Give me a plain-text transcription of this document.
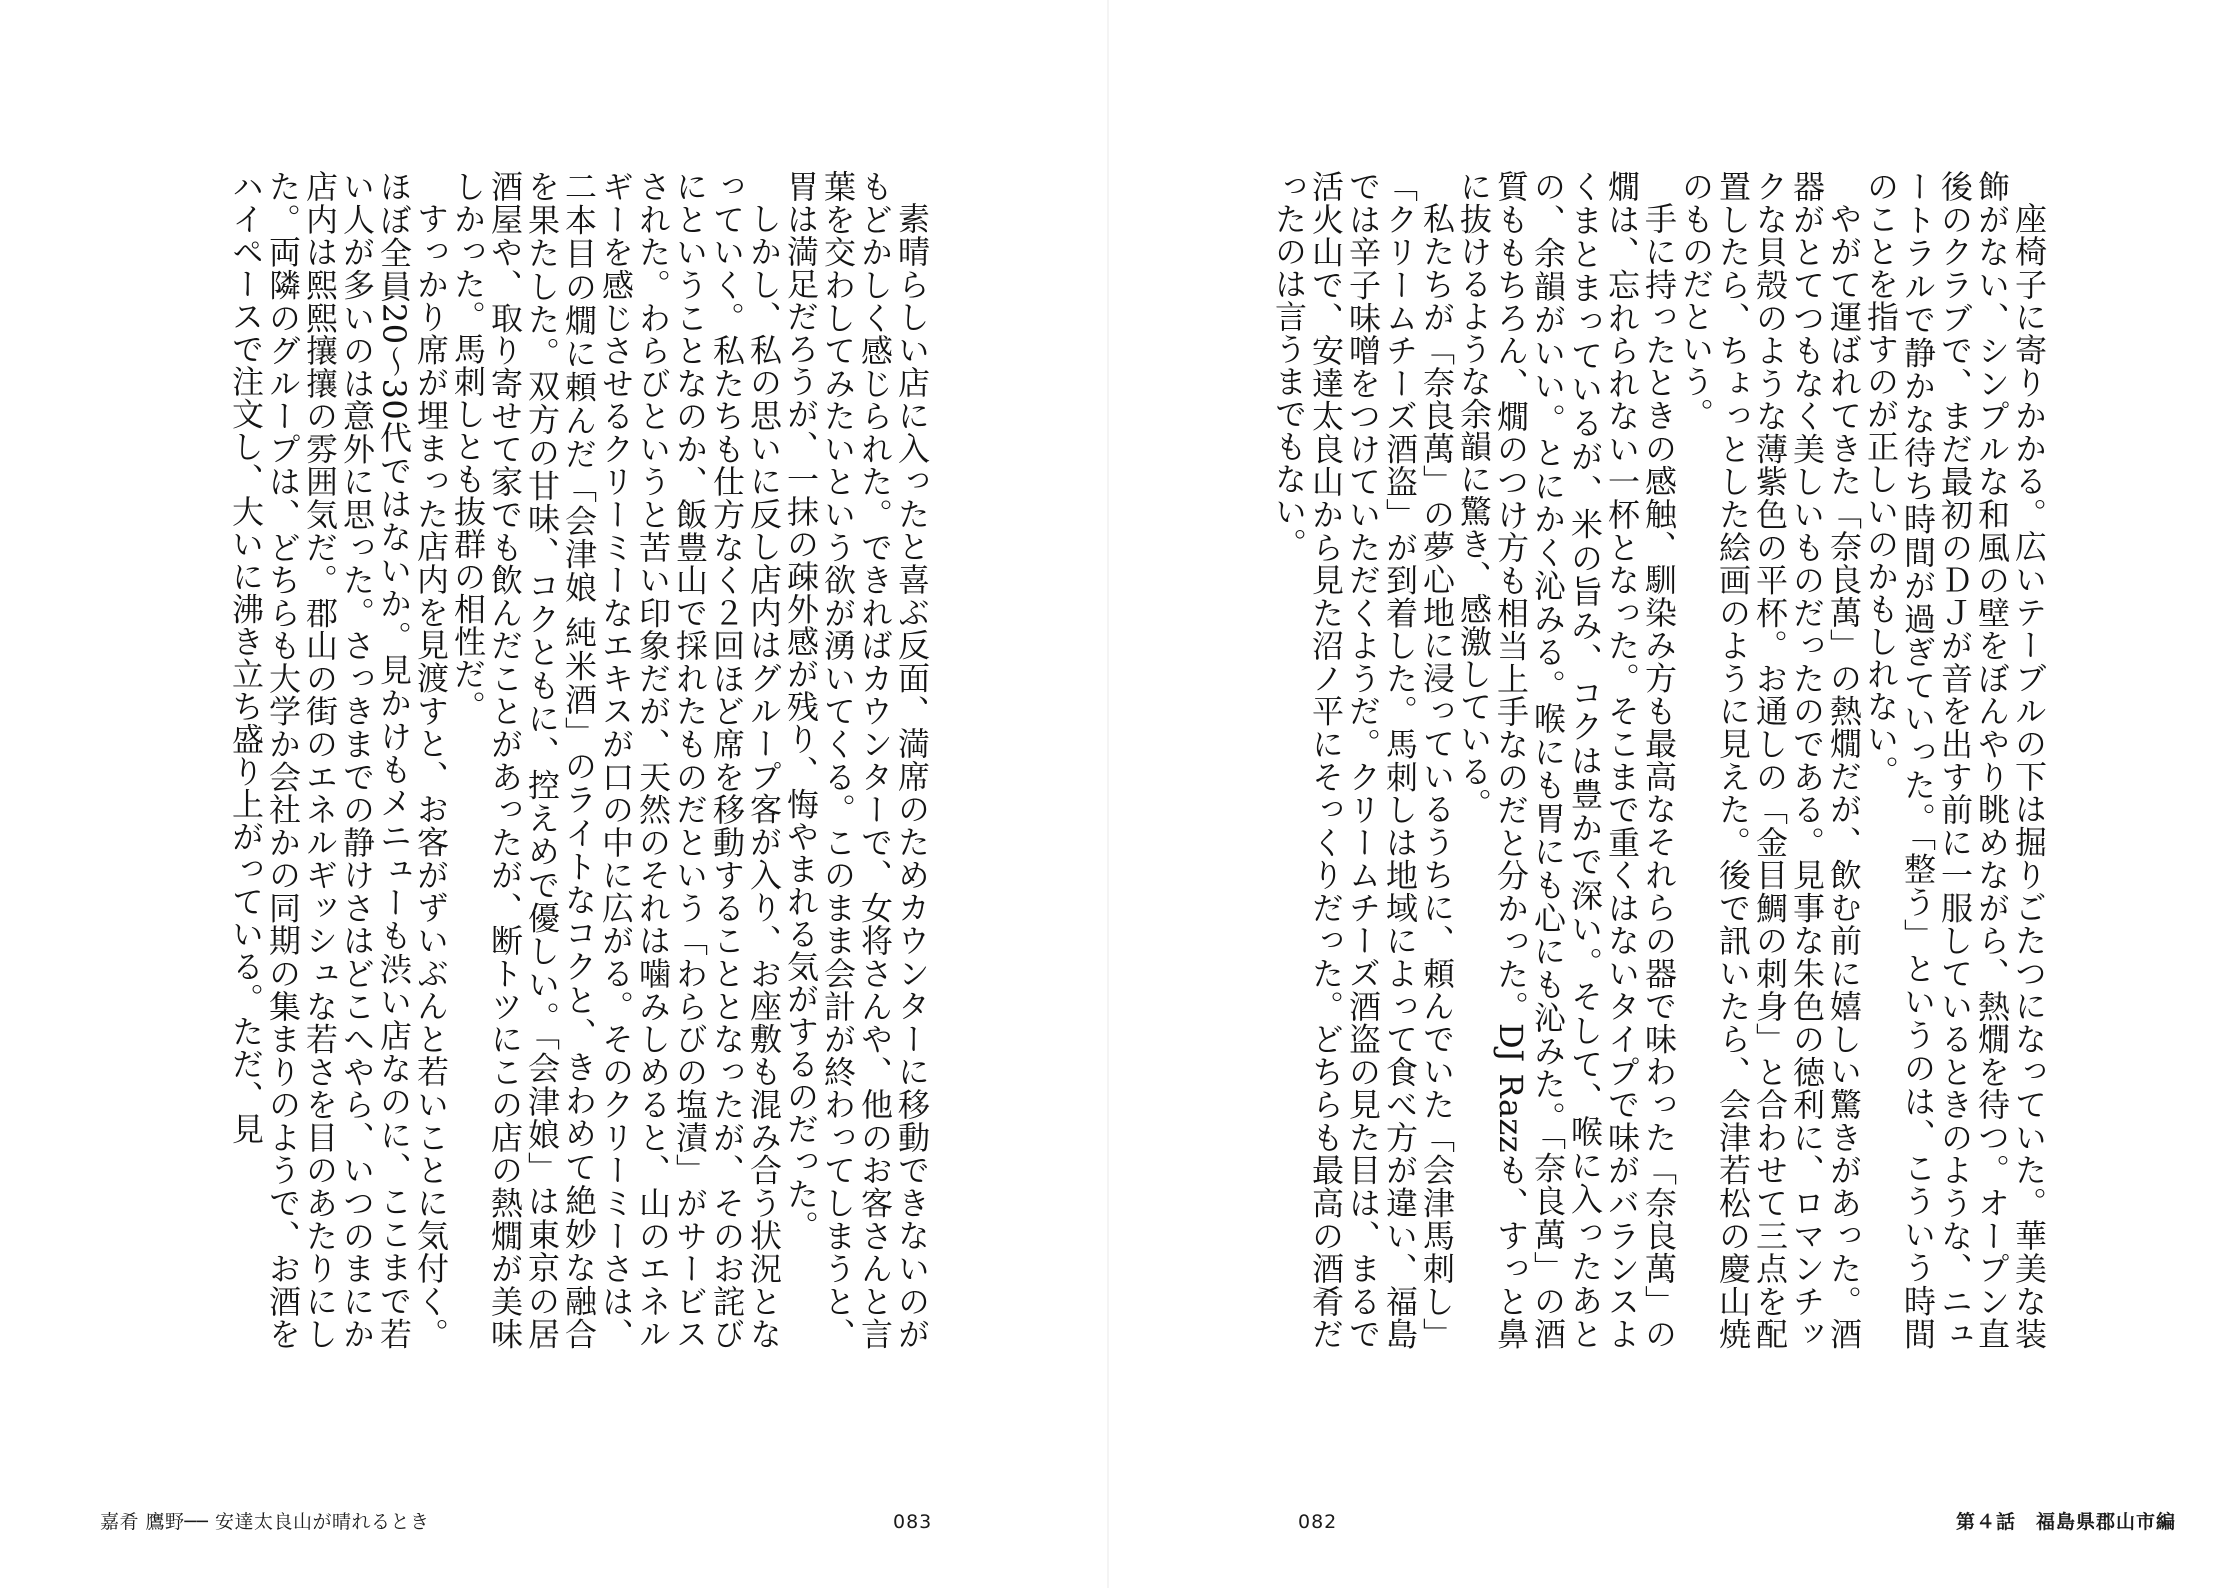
素晴らしい店に入ったと喜ぶ反面、満席のためカウンターに移動できないのがもどかしく感じられた。できればカウンターで、女将さんや、他のお客さんと言葉を交わしてみたいという欲が湧いてくる。このまま会計が終わってしまうと、胃は満足だろうが、一抹の疎外感が残り、悔やまれる気がするのだった。

しかし、私の思いに反し店内はグループ客が入り、お座敷も混み合う状況となっていく。私たちも仕方なく２回ほど席を移動することとなったが、そのお詫びにということなのか、飯豊山で採れたものだという「わらびの塩漬」がサービスされた。わらびというと苦い印象だが、天然のそれは噛みしめると、山のエネルギーを感じさせるクリーミーなエキスが口の中に広がる。そのクリーミーさは、二本目の燗に頼んだ「会津娘 純米酒」のライトなコクと、きわめて絶妙な融合を果たした。双方の甘味、コクともに、控えめで優しい。「会津娘」は東京の居酒屋や、取り寄せて家でも飲んだことがあったが、断トツにこの店の熱燗が美味しかった。馬刺しとも抜群の相性だ。

すっかり席が埋まった店内を見渡すと、お客がずいぶんと若いことに気付く。ほぼ全員20～30代ではないか。見かけもメニューも渋い店なのに、ここまで若い人が多いのは意外に思った。さっきまでの静けさはどこへやら、いつのまにか店内は熙熙攘攘の雰囲気だ。郡山の街のエネルギッシュな若さを目のあたりにした。両隣のグループは、どちらも大学か会社かの同期の集まりのようで、お酒をハイペースで注文し、大いに沸き立ち盛り上がっている。ただ、見

嘉肴 鷹野── 安達太良山が晴れるとき	083

座椅子に寄りかかる。広いテーブルの下は掘りごたつになっていた。華美な装飾がない、シンプルな和風の壁をぼんやり眺めながら、熱燗を待つ。オープン直後のクラブで、まだ最初のＤＪが音を出す前に一服しているときのような、ニュートラルで静かな待ち時間が過ぎていった。「整う」というのは、こういう時間のことを指すのが正しいのかもしれない。

やがて運ばれてきた「奈良萬」の熱燗だが、飲む前に嬉しい驚きがあった。酒器がとてつもなく美しいものだったのである。見事な朱色の徳利に、ロマンチックな貝殻のような薄紫色の平杯。お通しの「金目鯛の刺身」と合わせて三点を配置したら、ちょっとした絵画のように見えた。後で訊いたら、会津若松の慶山焼のものだという。

手に持ったときの感触、馴染み方も最高なそれらの器で味わった「奈良萬」の燗は、忘れられない一杯となった。そこまで重くはないタイプで味がバランスよくまとまっているが、米の旨み、コクは豊かで深い。そして、喉に入ったあとの、余韻がいい。とにかく沁みる。喉にも胃にも心にも沁みた。「奈良萬」の酒質ももちろん、燗のつけ方も相当上手なのだと分かった。DJ Razzも、すっと鼻に抜けるような余韻に驚き、感激している。

私たちが「奈良萬」の夢心地に浸っているうちに、頼んでいた「会津馬刺し」「クリームチーズ酒盗」が到着した。馬刺しは地域によって食べ方が違い、福島では辛子味噌をつけていただくようだ。クリームチーズ酒盗の見た目は、まるで活火山で、安達太良山から見た沼ノ平にそっくりだった。どちらも最高の酒肴だったのは言うまでもない。

082	第４話　福島県郡山市編
